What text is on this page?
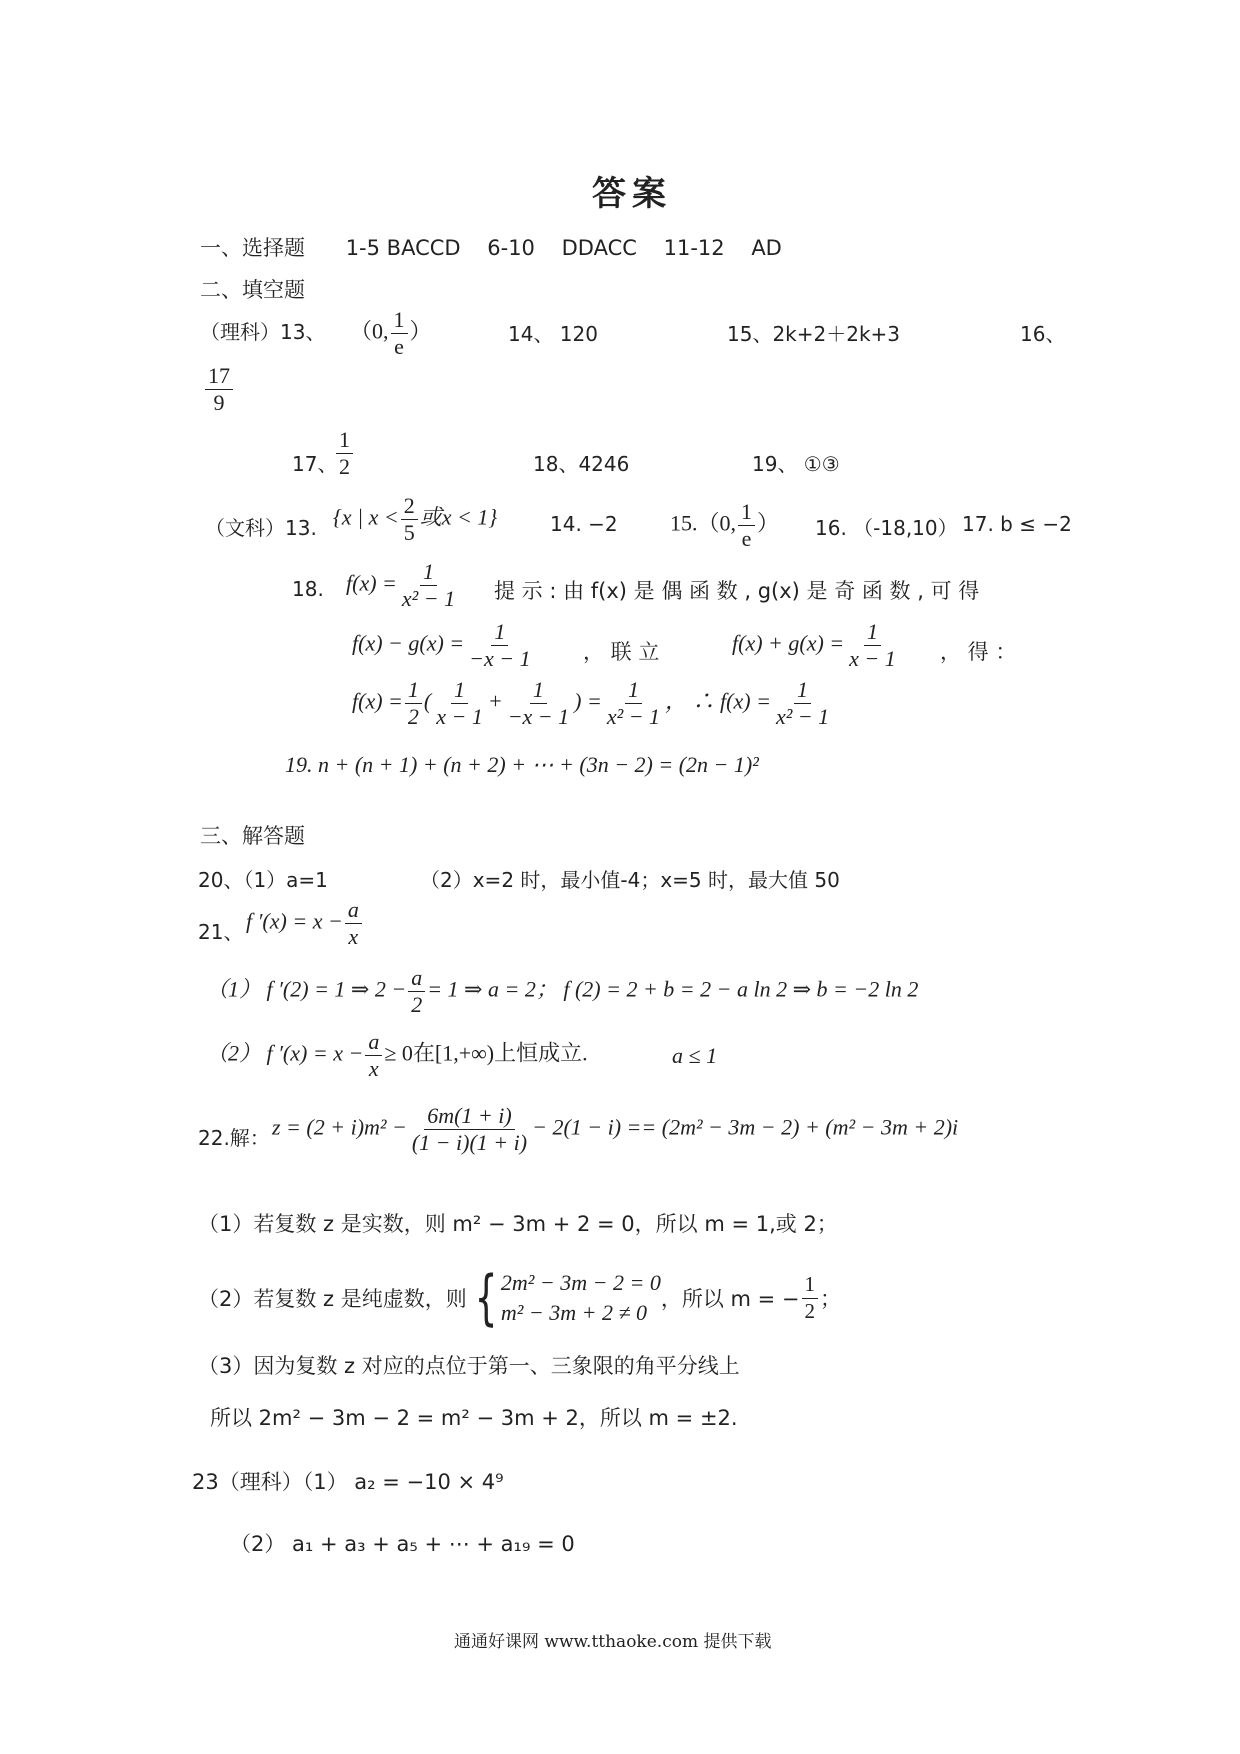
答案
一、选择题 1-5 BACCD 6-10 DDACC 11-12 AD
二、填空题
（理科）13、 （0, $\frac{1}{e}$ ）	14、 120	15、2k+2＋2k+3	16、
$\frac{17}{9}$
17、
$\frac{1}{2}$	18、4246	19、 ①③
（文科）13. {x | $x < \frac{2}{5}$ 或x < 1}	14. −2 15.（0, $\frac{1}{e}$ ） 16. （-18,10） 17. b ≤ −2
18. $f(x) = \frac{1}{\text{x² − 1}}$ 提 示 : 由 f(x) 是 偶 函 数 , g(x) 是 奇 函 数 , 可 得
$f(x) - g(x) = \frac{1}{-x - 1}$ ， 联 立	$f(x) + g(x) = \frac{1}{x - 1}$ ， 得 ：
$f(x) = \frac{1}{2}$ ( $\frac{1}{x - 1} + \frac{1}{-x - 1}$ ) = $\frac{1}{\text{x² − 1}}$ ， ∴ $f(x) = \frac{1}{\text{x² − 1}}$
19. n + (n + 1) + (n + 2) + ⋯ + (3n − 2) = (2n − 1)²
三、解答题
20、（1）a=1	（2）x=2 时，最小值-4；x=5 时，最大值 50
21、 f $'(x) = x - \frac{a}{x}$
（1） f ′(2) = 1 ⇒ $2 - \frac{a}{2} = 1$ ⇒ a = 2； f (2) = 2 + b = 2 − a ln 2 ⇒ b = −2 ln 2
（2） f $'(x) = x - \frac{a}{x} \ge 0$在[1,+∞)上恒成立.	a ≤ 1
22.解： $z = (2 + i)m^2 - \frac{6m(1 + i)}{(1 - i)(1 + i)} - 2(1 - i) == (2m^2 - 3m - 2) + (m^2 - 3m + 2)i$
（1）若复数 z 是实数，则 m² − 3m + 2 = 0，所以 m = 1,或 2；
（2）若复数 z 是纯虚数，则 { 2m² − 3m − 2 = 0
m² − 3m + 2 ≠ 0
，所以 m = − $\frac{1}{2}$ ；
（3）因为复数 z 对应的点位于第一、三象限的角平分线上
所以 2m² − 3m − 2 = m² − 3m + 2，所以 m = ±2.
23（理科）（1） a₂ = −10 × 4⁹
（2） a₁ + a₃ + a₅ + ⋯ + a₁₉ = 0
通通好课网 www.tthaoke.com 提供下载
